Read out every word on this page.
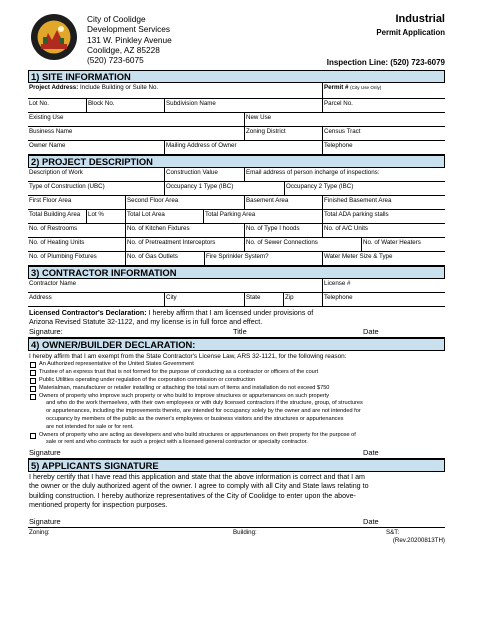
City of Coolidge
Development Services
131 W. Pinkley Avenue
Coolidge, AZ 85228
(520) 723-6075
Industrial
Permit Application
Inspection Line: (520) 723-6079
1) SITE INFORMATION
Project Address: Include Building or Suite No.	Permit # (City Use Only)
Lot No.	Block No.	Subdivision Name	Parcel No.
Existing Use	New Use
Business Name	Zoning District	Census Tract
Owner Name	Mailing Address of Owner	Telephone
2) PROJECT DESCRIPTION
Description of Work	Construction Value	Email address of person incharge of inspections:
Type of Construction (UBC)	Occupancy 1 Type (IBC)	Occupancy 2 Type (IBC)
First Floor Area	Second Floor Area	Basement Area	Finished Basement Area
Total Building Area	Lot %	Total Lot Area	Total Parking Area	Total ADA parking stalls
No. of Restrooms	No. of Kitchen Fixtures	No. of Type I hoods	No. of A/C Units
No. of Heating Units	No. of Pretreatment Interceptors	No. of Sewer Connections	No. of Water Heaters
No. of Plumbing Fixtures	No. of Gas Outlets	Fire Sprinkler System?	Water Meter Size & Type
3) CONTRACTOR INFORMATION
Contractor Name	License #
Address	City	State	Zip	Telephone
Licensed Contractor's Declaration: I hereby affirm that I am licensed under provisions of
Arizona Revised Statute 32-1122, and my license is in full force and effect.
Signature:	Title	Date
4) OWNER/BUILDER DECLARATION:
I hereby affirm that I am exempt from the State Contractor's License Law, ARS 32-1121, for the following reason:
An Authorized representative of the United States Government
Trustee of an express trust that is not formed for the purpose of conducting as a contractor or officers of the court
Public Utilities operating under regulation of the corporation commission or construction
Materialman, manufacturer or retailer installing or attaching the total sum of items and installation do not exceed $750
Owners of property who improve such property or who build to improve structures or appurtenances on such property
and who do the work themselves, with their own employees or with duly licensed contractors if the structure, group, of structures
or appurtenances, including the improvements thereto, are intended for occupancy solely by the owner and are not intended for
occupancy by members of the public as the owner's employees or business visitors and the structures or appurtenances
are not intended for sale or for rent.
Owners of property who are acting as developers and who build structures or appurtenances on their property for the purpose of
sale or rent and who contracts for such a project with a licensed general contractor or specialty contractor.
Signature	Date
5) APPLICANTS SIGNATURE
I hereby certify that I have read this application and state that the above information is correct and that I am
the owner or the duly authorized agent of the owner. I agree to comply with all City and State laws relating to
building construction. I hereby authorize representatives of the City of Coolidge to enter upon the above-
mentioned property for inspection purposes.
Signature	Date
Zoning:	Building:	S&T:
(Rev.20200813TH)
